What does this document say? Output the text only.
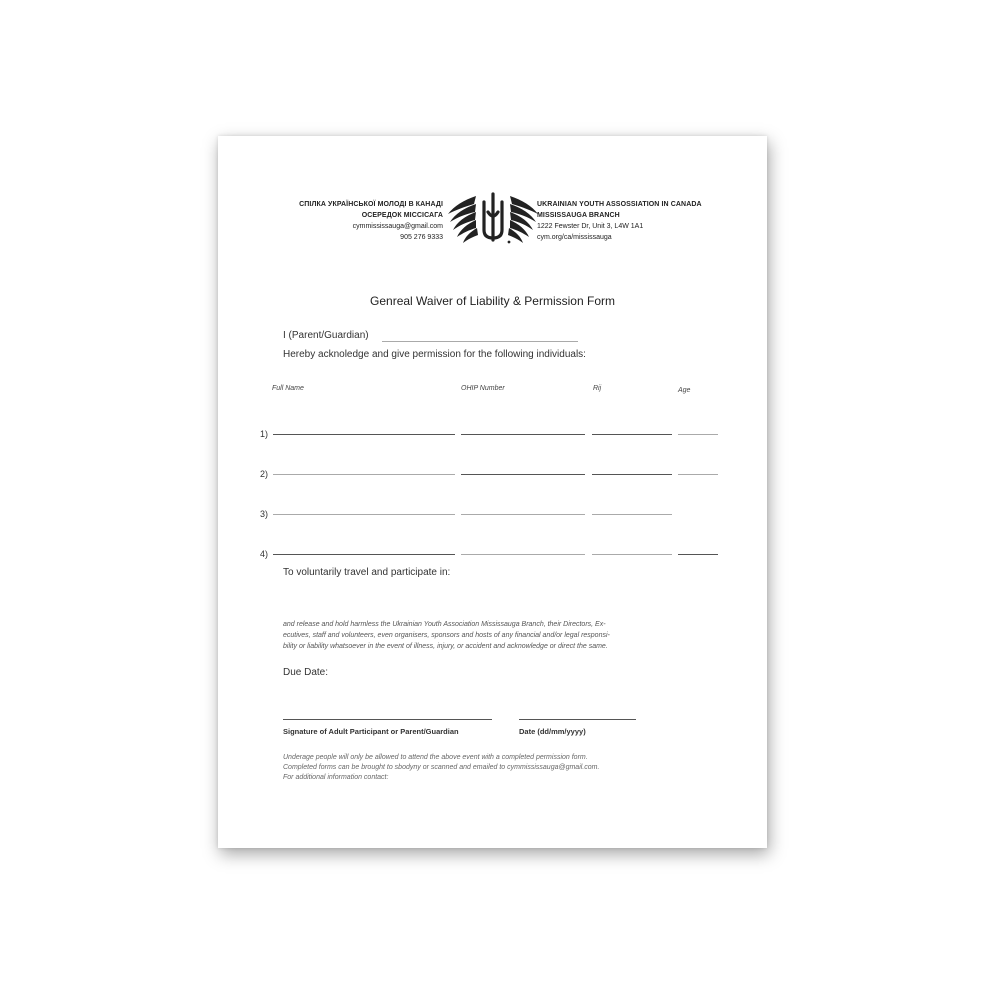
СПІЛКА УКРАЇНСЬКОЇ МОЛОДІ В КАНАДІ
ОСЕРЕДОК МІССІСАГА
cymmississauga@gmail.com
905 276 9333
UKRAINIAN YOUTH ASSOSSIATION IN CANADA
MISSISSAUGA BRANCH
1222 Fewster Dr, Unit 3, L4W 1A1
cym.org/ca/mississauga
Genreal Waiver of Liability & Permission Form
I (Parent/Guardian)
Hereby acknoledge and give permission for the following individuals:
Full Name	OHIP Number	Rij	Age
1)
2)
3)
4)
To voluntarily travel and participate in:
and release and hold harmless the Ukrainian Youth Association Mississauga Branch, their Directors, Ex-
ecutives, staff and volunteers, even organisers, sponsors and hosts of any financial and/or legal responsi-
bility or liability whatsoever in the event of illness, injury, or accident and acknowledge or direct the same.
Due Date:
Signature of Adult Participant or Parent/Guardian	Date (dd/mm/yyyy)
Underage people will only be allowed to attend the above event with a completed permission form.
Completed forms can be brought to sbodyny or scanned and emailed to cymmississauga@gmail.com.
For additional information contact:
